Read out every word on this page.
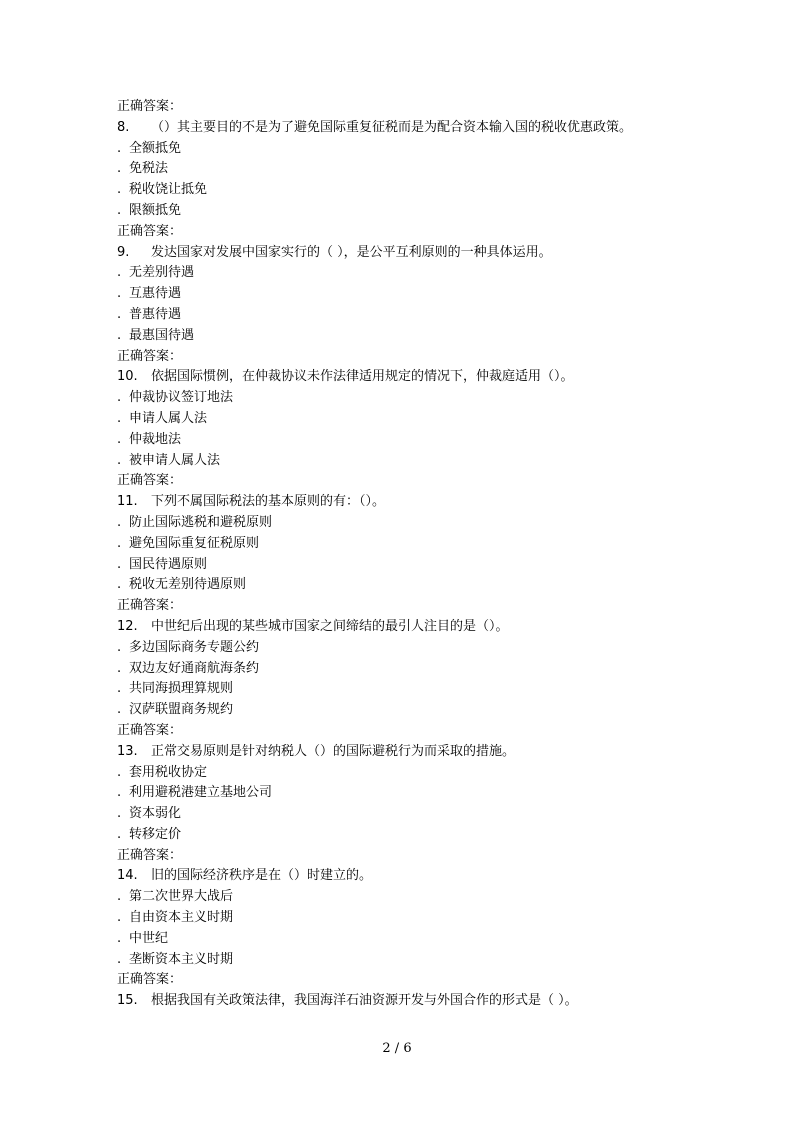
正确答案：
8. （）其主要目的不是为了避免国际重复征税而是为配合资本输入国的税收优惠政策。
. 全额抵免
. 免税法
. 税收饶让抵免
. 限额抵免
正确答案：
9. 发达国家对发展中国家实行的（ ），是公平互利原则的一种具体运用。
. 无差别待遇
. 互惠待遇
. 普惠待遇
. 最惠国待遇
正确答案：
10. 依据国际惯例，在仲裁协议未作法律适用规定的情况下，仲裁庭适用（）。
. 仲裁协议签订地法
. 申请人属人法
. 仲裁地法
. 被申请人属人法
正确答案：
11. 下列不属国际税法的基本原则的有：（）。
. 防止国际逃税和避税原则
. 避免国际重复征税原则
. 国民待遇原则
. 税收无差别待遇原则
正确答案：
12. 中世纪后出现的某些城市国家之间缔结的最引人注目的是（）。
. 多边国际商务专题公约
. 双边友好通商航海条约
. 共同海损理算规则
. 汉萨联盟商务规约
正确答案：
13. 正常交易原则是针对纳税人（）的国际避税行为而采取的措施。
. 套用税收协定
. 利用避税港建立基地公司
. 资本弱化
. 转移定价
正确答案：
14. 旧的国际经济秩序是在（）时建立的。
. 第二次世界大战后
. 自由资本主义时期
. 中世纪
. 垄断资本主义时期
正确答案：
15. 根据我国有关政策法律，我国海洋石油资源开发与外国合作的形式是（ ）。
2 / 6
